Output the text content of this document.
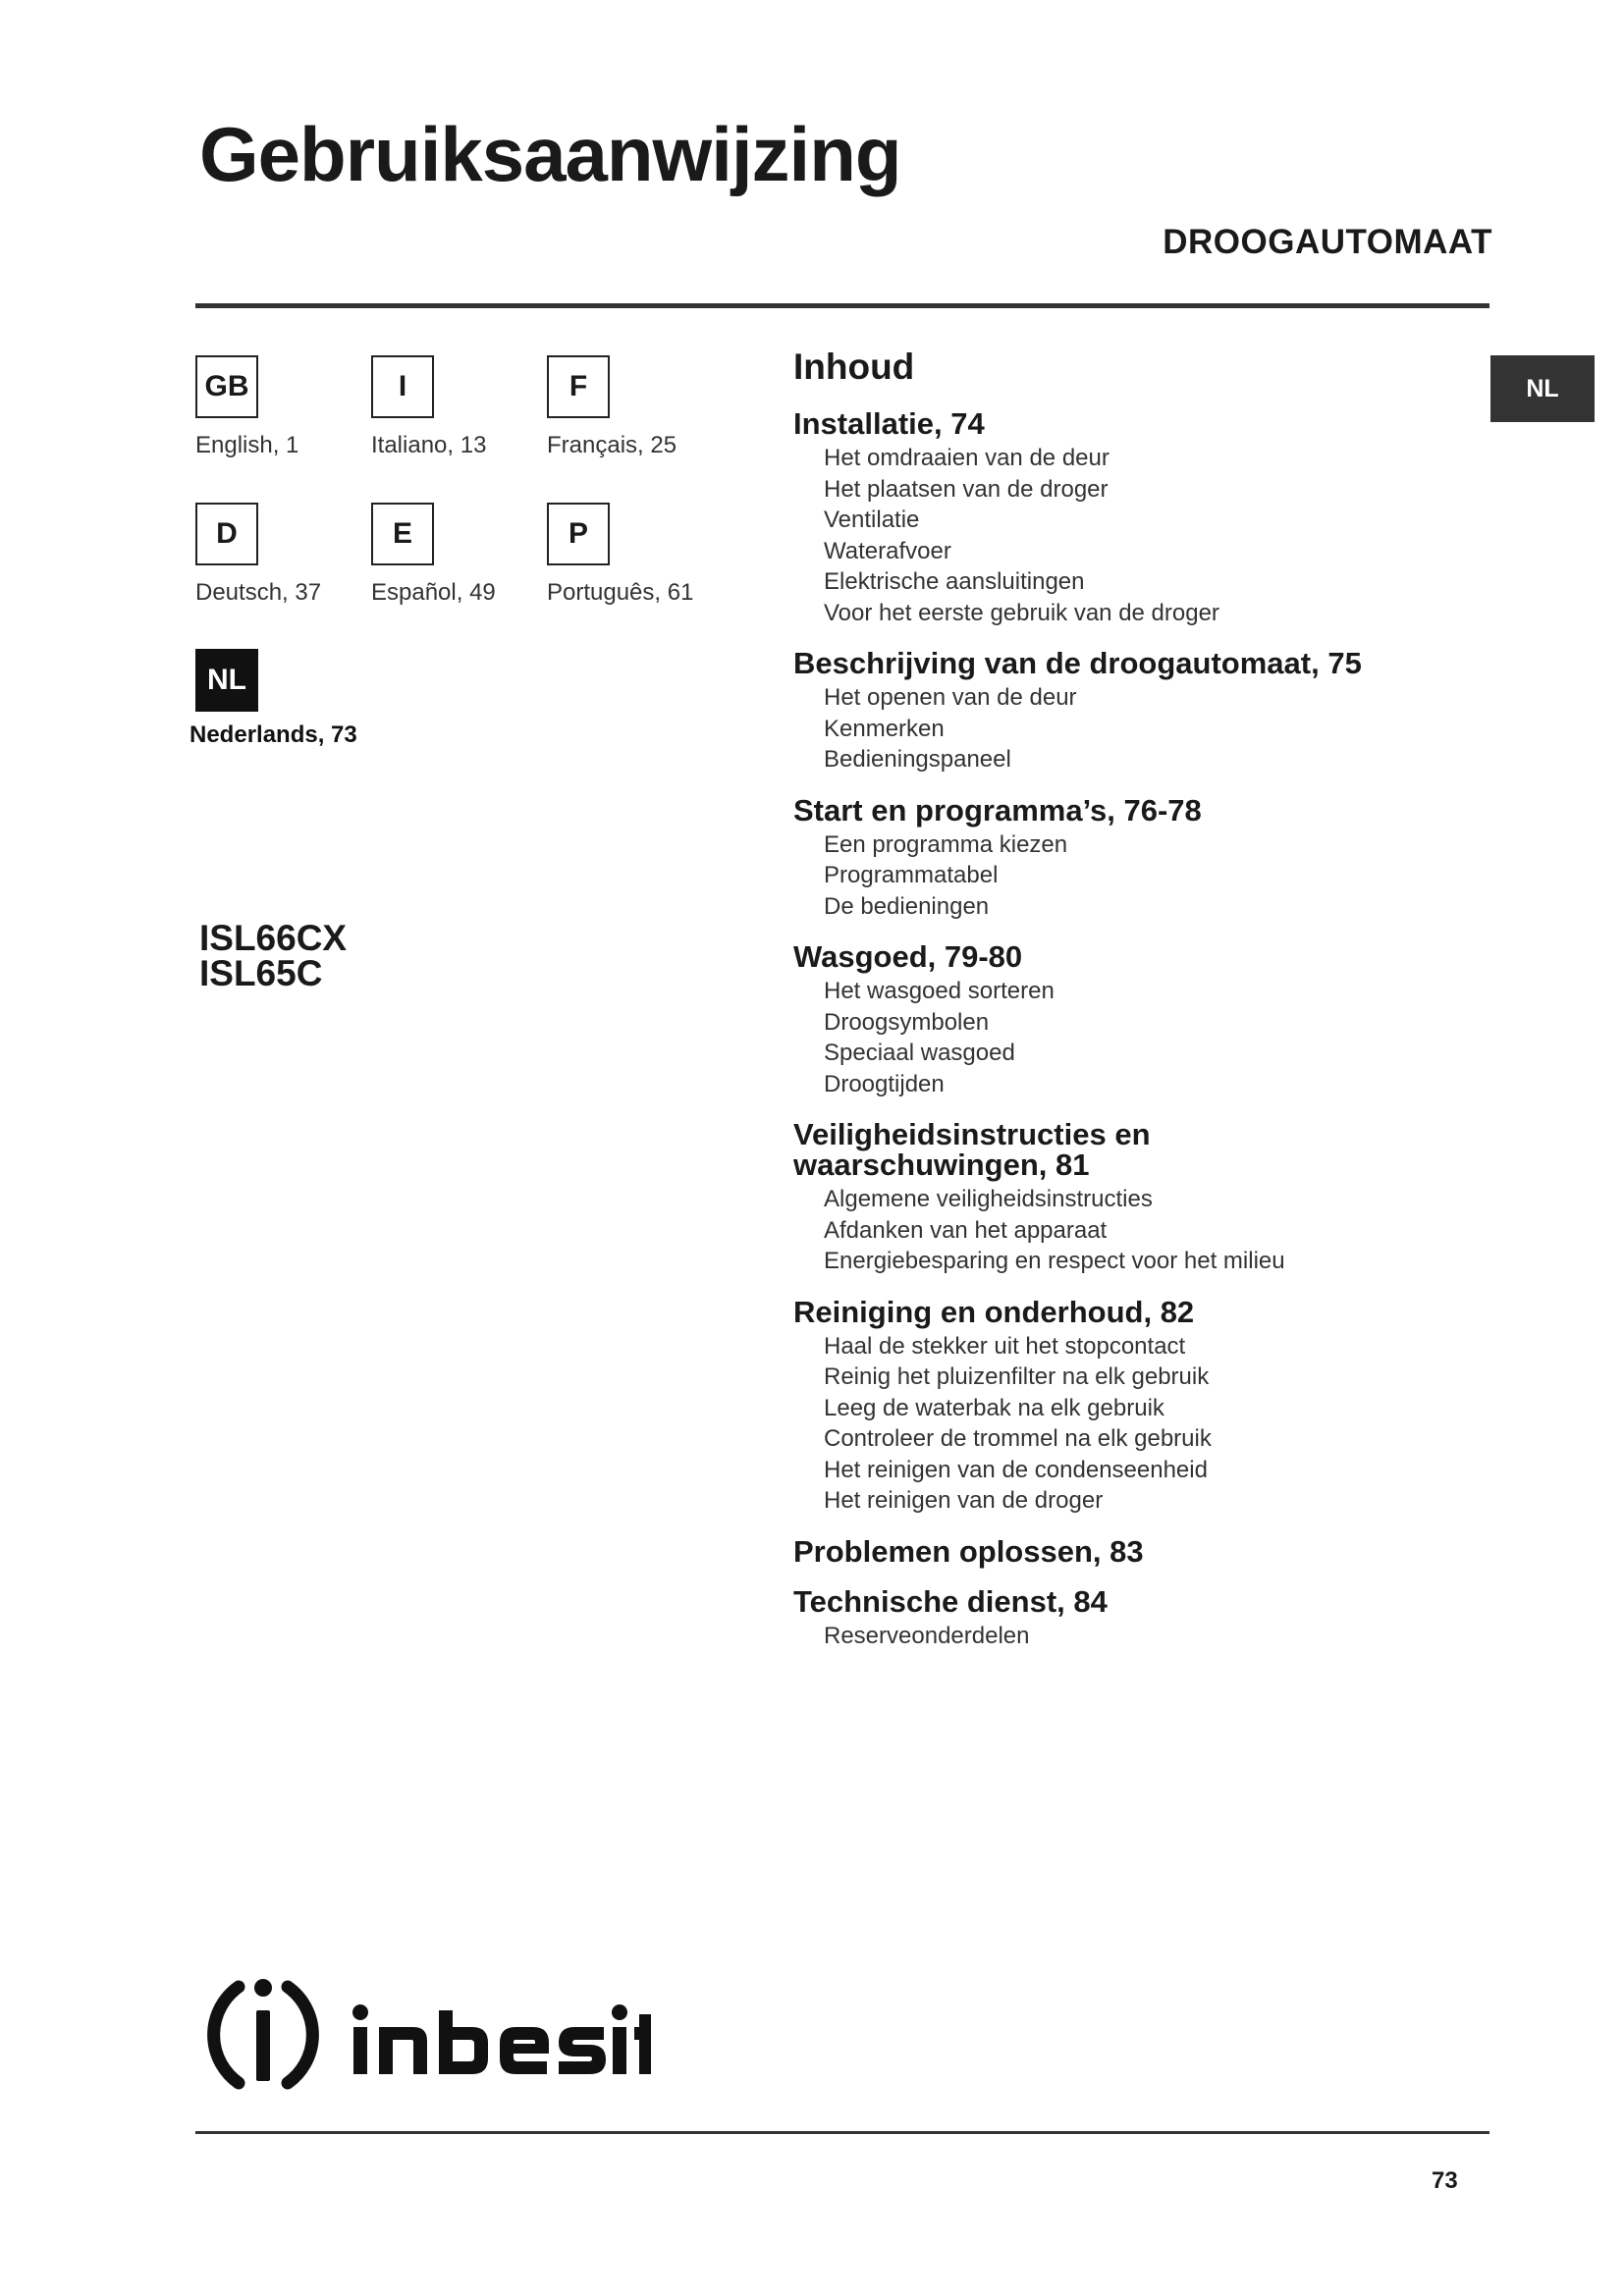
Gebruiksaanwijzing
DROOGAUTOMAAT
GB
English, 1
I
Italiano, 13
F
Français, 25
D
Deutsch, 37
E
Español, 49
P
Português, 61
NL
Nederlands, 73
ISL66CX
ISL65C
NL
Inhoud
Installatie, 74
Het omdraaien van de deur
Het plaatsen van de droger
Ventilatie
Waterafvoer
Elektrische aansluitingen
Voor het eerste gebruik van de droger
Beschrijving van de droogautomaat, 75
Het openen van de deur
Kenmerken
Bedieningspaneel
Start en programma’s, 76-78
Een programma kiezen
Programmatabel
De bedieningen
Wasgoed, 79-80
Het wasgoed sorteren
Droogsymbolen
Speciaal wasgoed
Droogtijden
Veiligheidsinstructies en
waarschuwingen, 81
Algemene veiligheidsinstructies
Afdanken van het apparaat
Energiebesparing en respect voor het milieu
Reiniging en onderhoud, 82
Haal de stekker uit het stopcontact
Reinig het pluizenfilter na elk gebruik
Leeg de waterbak na elk gebruik
Controleer de trommel na elk gebruik
Het reinigen van de condenseenheid
Het reinigen van de droger
Problemen oplossen, 83
Technische dienst, 84
Reserveonderdelen
73
